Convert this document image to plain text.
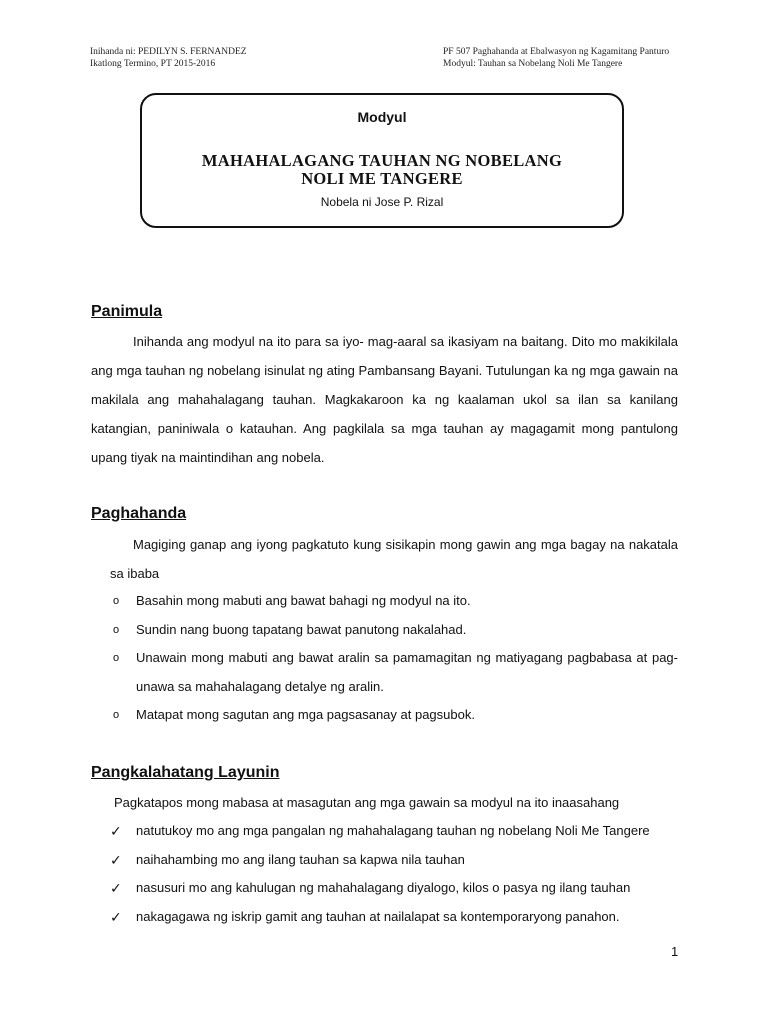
Inihanda ni: PEDILYN S. FERNANDEZ
Ikatlong Termino, PT 2015-2016
PF 507 Paghahanda at Ebalwasyon ng Kagamitang Panturo
Modyul: Tauhan sa Nobelang Noli Me Tangere
Modyul
MAHAHALAGANG TAUHAN NG NOBELANG
NOLI ME TANGERE
Nobela ni Jose P. Rizal
Panimula

Inihanda ang modyul na ito para sa iyo- mag-aaral sa ikasiyam na baitang. Dito mo makikilala ang mga tauhan ng nobelang isinulat ng ating Pambansang Bayani. Tutulungan ka ng mga gawain na makilala ang mahahalagang tauhan. Magkakaroon ka ng kaalaman ukol sa ilan sa kanilang katangian, paniniwala o katauhan. Ang pagkilala sa mga tauhan ay magagamit mong pantulong upang tiyak na maintindihan ang nobela.

Paghahanda

Magiging ganap ang iyong pagkatuto kung sisikapin mong gawin ang mga bagay na nakatala sa ibaba

o Basahin mong mabuti ang bawat bahagi ng modyul na ito.
o Sundin nang buong tapatang bawat panutong nakalahad.
o Unawain mong mabuti ang bawat aralin sa pamamagitan ng matiyagang pagbabasa at pag-unawa sa mahahalagang detalye ng aralin.
o Matapat mong sagutan ang mga pagsasanay at pagsubok.
Pangkalahatang Layunin

Pagkatapos mong mabasa at masagutan ang mga gawain sa modyul na ito inaasahang

✓ natutukoy mo ang mga pangalan ng mahahalagang tauhan ng nobelang Noli Me Tangere
✓ naihahambing mo ang ilang tauhan sa kapwa nila tauhan
✓ nasusuri mo ang kahulugan ng mahahalagang diyalogo, kilos o pasya ng ilang tauhan
✓ nakagagawa ng iskrip gamit ang tauhan at nailalapat sa kontemporaryong panahon.
1
